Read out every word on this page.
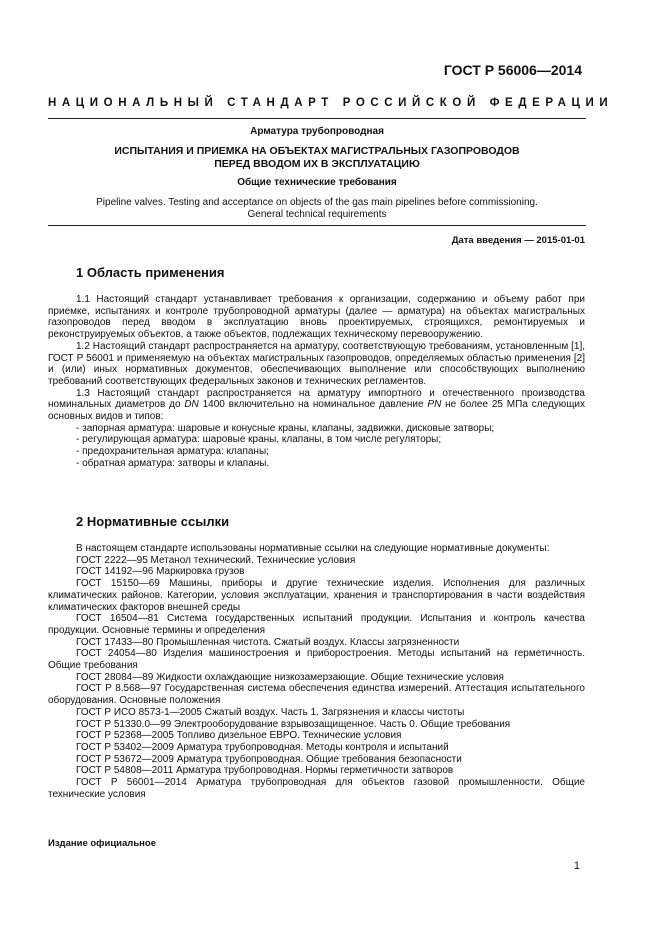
ГОСТ Р 56006—2014
НАЦИОНАЛЬНЫЙ СТАНДАРТ РОССИЙСКОЙ ФЕДЕРАЦИИ
Арматура трубопроводная
ИСПЫТАНИЯ И ПРИЕМКА НА ОБЪЕКТАХ МАГИСТРАЛЬНЫХ ГАЗОПРОВОДОВ
ПЕРЕД ВВОДОМ ИХ В ЭКСПЛУАТАЦИЮ
Общие технические требования
Pipeline valves. Testing and acceptance on objects of the gas main pipelines before commissioning.
General technical requirements
Дата введения — 2015-01-01
1 Область применения

1.1 Настоящий стандарт устанавливает требования к организации, содержанию и объему работ при приемке, испытаниях и контроле трубопроводной арматуры (далее — арматура) на объектах магистральных газопроводов перед вводом в эксплуатацию вновь проектируемых, строящихся, ремонтируемых и реконструируемых объектов, а также объектов, подлежащих техническому перевооружению.

1.2 Настоящий стандарт распространяется на арматуру, соответствующую требованиям, установленным [1], ГОСТ Р 56001 и применяемую на объектах магистральных газопроводов, определяемых областью применения [2] и (или) иных нормативных документов, обеспечивающих выполнение или способствующих выполнению требований соответствующих федеральных законов и технических регламентов.

1.3 Настоящий стандарт распространяется на арматуру импортного и отечественного производства номинальных диаметров до DN 1400 включительно на номинальное давление PN не более 25 МПа следующих основных видов и типов:

- запорная арматура: шаровые и конусные краны, клапаны, задвижки, дисковые затворы;

- регулирующая арматура: шаровые краны, клапаны, в том числе регуляторы;

- предохранительная арматура: клапаны;

- обратная арматура: затворы и клапаны.

2 Нормативные ссылки

В настоящем стандарте использованы нормативные ссылки на следующие нормативные документы:

ГОСТ 2222—95 Метанол технический. Технические условия

ГОСТ 14192—96 Маркировка грузов

ГОСТ 15150—69 Машины, приборы и другие технические изделия. Исполнения для различных климатических районов. Категории, условия эксплуатации, хранения и транспортирования в части воздействия климатических факторов внешней среды

ГОСТ 16504—81 Система государственных испытаний продукции. Испытания и контроль качества продукции. Основные термины и определения

ГОСТ 17433—80 Промышленная чистота. Сжатый воздух. Классы загрязненности

ГОСТ 24054—80 Изделия машиностроения и приборостроения. Методы испытаний на герметичность. Общие требования

ГОСТ 28084—89 Жидкости охлаждающие низкозамерзающие. Общие технические условия

ГОСТ Р 8.568—97 Государственная система обеспечения единства измерений. Аттестация испытательного оборудования. Основные положения

ГОСТ Р ИСО 8573-1—2005 Сжатый воздух. Часть 1. Загрязнения и классы чистоты

ГОСТ Р 51330.0—99 Электрооборудование взрывозащищенное. Часть 0. Общие требования

ГОСТ Р 52368—2005 Топливо дизельное ЕВРО. Технические условия

ГОСТ Р 53402—2009 Арматура трубопроводная. Методы контроля и испытаний

ГОСТ Р 53672—2009 Арматура трубопроводная. Общие требования безопасности

ГОСТ Р 54808—2011 Арматура трубопроводная. Нормы герметичности затворов

ГОСТ Р 56001—2014 Арматура трубопроводная для объектов газовой промышленности. Общие технические условия

Издание официальное
1
